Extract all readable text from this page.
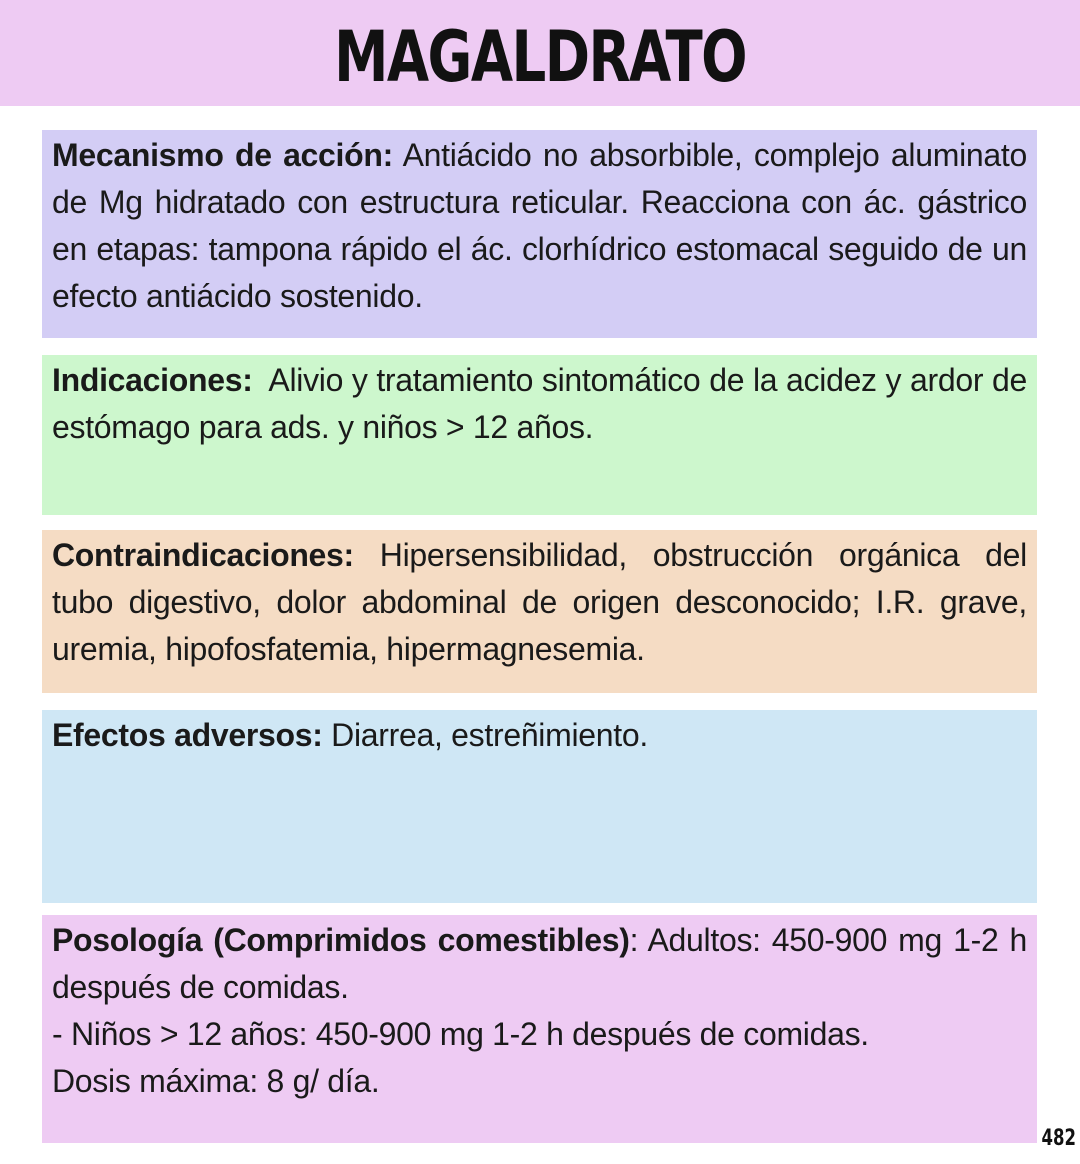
MAGALDRATO

Mecanismo de acción: Antiácido no absorbible, complejo aluminato de Mg hidratado con estructura reticular. Reacciona con ác. gástrico en etapas: tampona rápido el ác. clorhídrico estomacal seguido de un efecto antiácido sostenido.

Indicaciones:  Alivio y tratamiento sintomático de la acidez y ardor de estómago para ads. y niños > 12 años.

Contraindicaciones: Hipersensibilidad, obstrucción orgánica del tubo digestivo, dolor abdominal de origen desconocido; I.R. grave, uremia, hipofosfatemia, hipermagnesemia.

Efectos adversos: Diarrea, estreñimiento.

Posología (Comprimidos comestibles): Adultos: 450-900 mg 1-2 h después de comidas.

- Niños > 12 años: 450-900 mg 1-2 h después de comidas.

Dosis máxima: 8 g/ día.

482
